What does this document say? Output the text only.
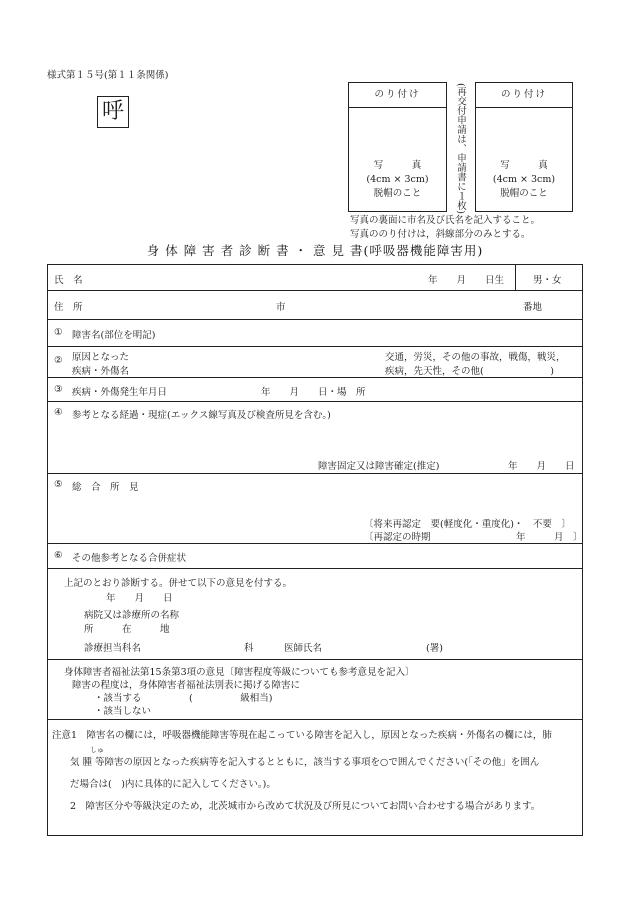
様式第１５号(第１１条関係)
呼
のり付け
写　　　真
(4cm × 3cm)
脱帽のこと	(再交付申請は、申請書に１枚)	のり付け
写　　　真
(4cm × 3cm)
脱帽のこと
写真の裏面に市名及び氏名を記入すること。
写真ののり付けは，斜線部分のみとする。
身 体 障 害 者 診 断 書 ・ 意 見 書(呼吸器機能障害用)
氏　名	年　　月　　日生	男・女
住　所	市	番地
① 障害名(部位を明記)
② 原因となった
疾病・外傷名
交通，労災，その他の事故，戦傷，戦災，
疾病，先天性，その他(　　　　　　　)
③ 疾病・外傷発生年月日	年　　月　　日・場　所
④ 参考となる経過・現症(エックス線写真及び検査所見を含む。)
障害固定又は障害確定(推定)	年　　月　　日
⑤ 総　合　所　見
〔将来再認定　要(軽度化・重度化)・　不要　〕
〔再認定の時期　　　　　　　　　年　　　月　〕
⑥ その他参考となる合併症状
上記のとおり診断する。併せて以下の意見を付する。
年　　月　　日
病院又は診療所の名称
所　　　在　　　地
診療担当科名	科	医師氏名	(署)
身体障害者福祉法第15条第3項の意見〔障害程度等級についても参考意見を記入〕
障害の程度は，身体障害者福祉法別表に掲げる障害に
・該当する　　　　　(　　　　　級相当)
・該当しない
注意1　障害名の欄には，呼吸器機能障害等現在起こっている障害を記入し，原因となった疾病・外傷名の欄には，肺
しゅ
気 腫 等障害の原因となった疾病等を記入するとともに，該当する事項を○で囲んでください(「その他」を囲ん
だ場合は(　)内に具体的に記入してください。)。
2　障害区分や等級決定のため，北茨城市から改めて状況及び所見についてお問い合わせする場合があります。
